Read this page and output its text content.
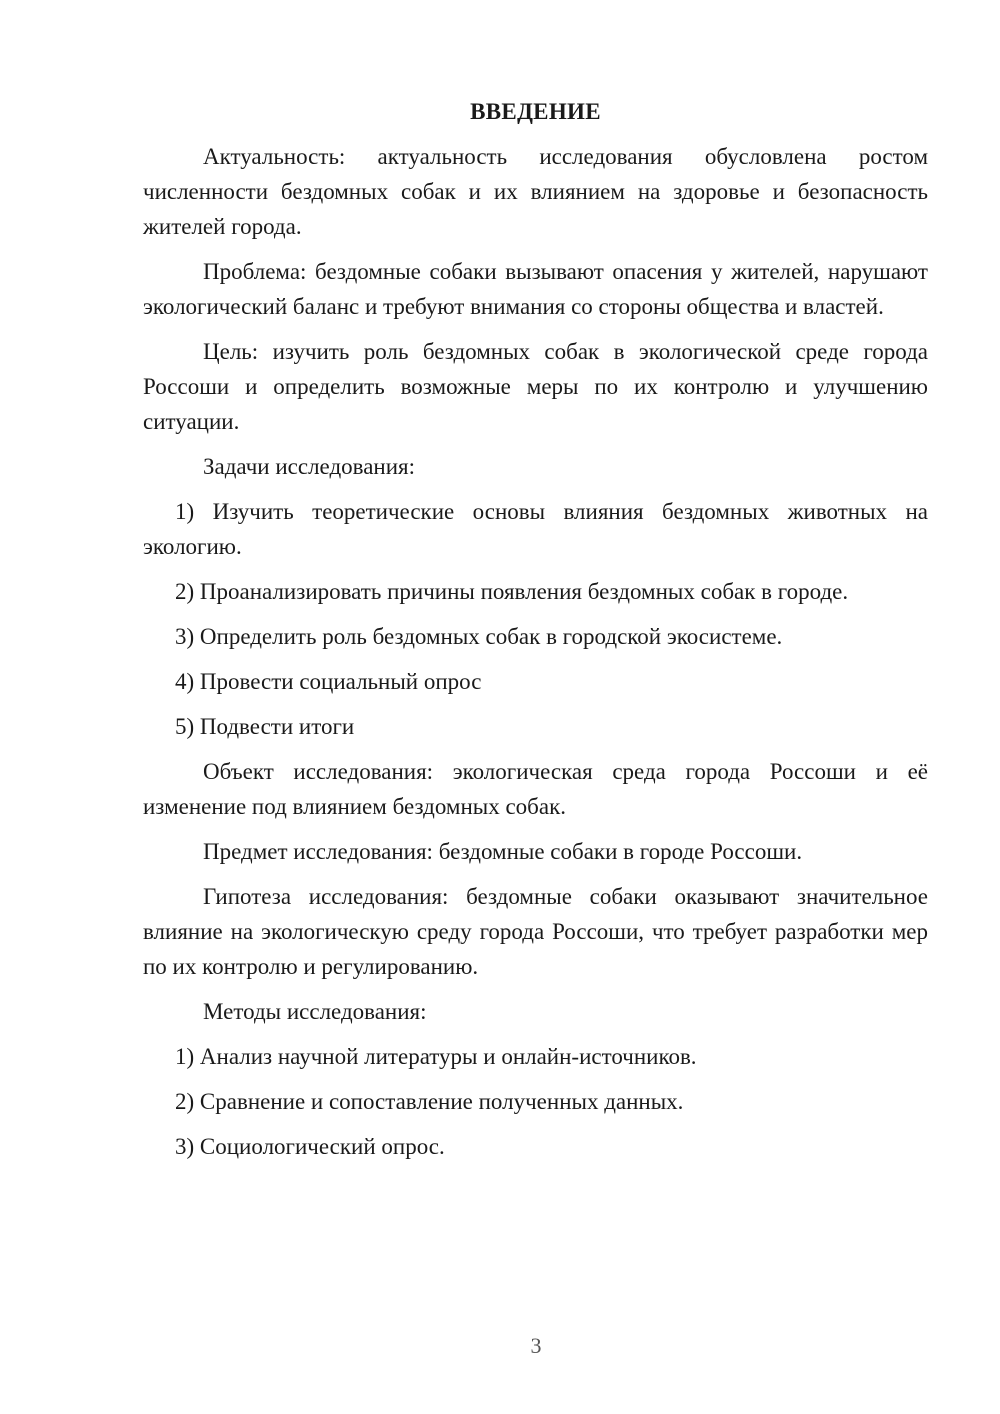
ВВЕДЕНИЕ

Актуальность: актуальность исследования обусловлена ростом численности бездомных собак и их влиянием на здоровье и безопасность жителей города.

Проблема: бездомные собаки вызывают опасения у жителей, нарушают экологический баланс и требуют внимания со стороны общества и властей.

Цель: изучить роль бездомных собак в экологической среде города Россоши и определить возможные меры по их контролю и улучшению ситуации.

Задачи исследования:

1) Изучить теоретические основы влияния бездомных животных на экологию.

2) Проанализировать причины появления бездомных собак в городе.

3) Определить роль бездомных собак в городской экосистеме.

4) Провести социальный опрос

5) Подвести итоги

Объект исследования: экологическая среда города Россоши и её изменение под влиянием бездомных собак.

Предмет исследования: бездомные собаки в городе Россоши.

Гипотеза исследования: бездомные собаки оказывают значительное влияние на экологическую среду города Россоши, что требует разработки мер по их контролю и регулированию.

Методы исследования:

1) Анализ научной литературы и онлайн-источников.

2) Сравнение и сопоставление полученных данных.

3) Социологический опрос.

3
